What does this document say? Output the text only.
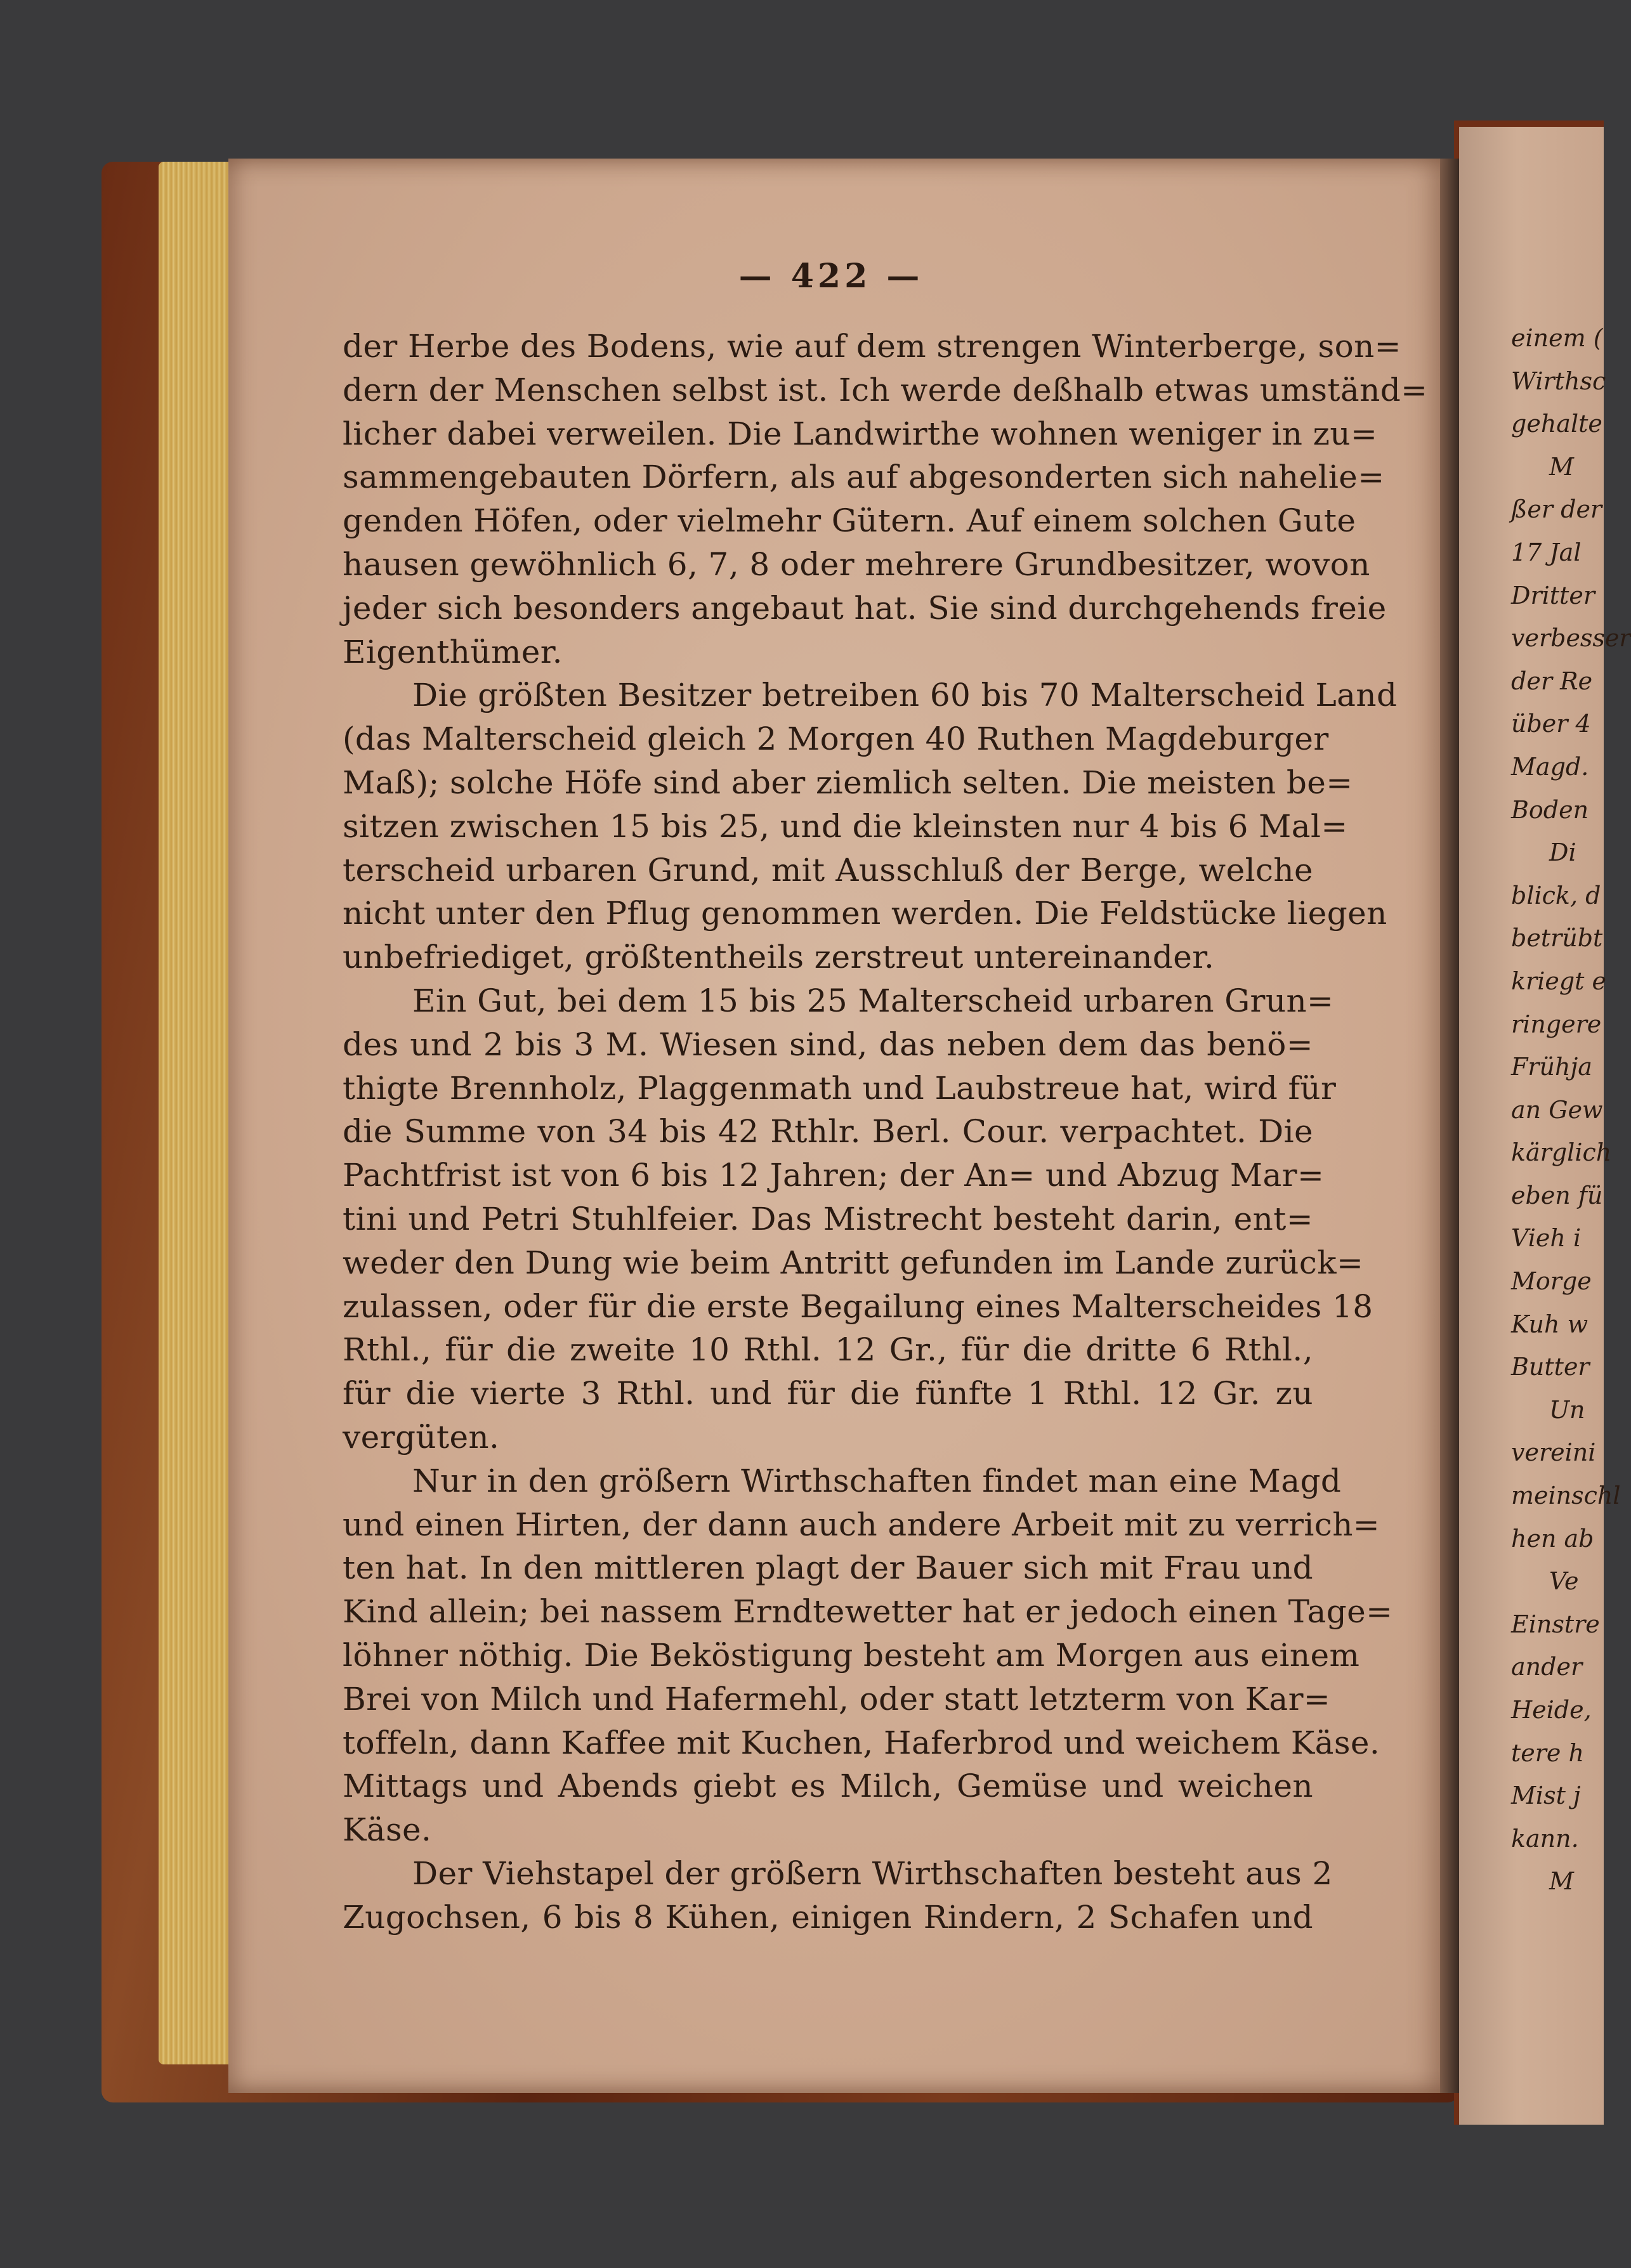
— 422 —
der Herbe des Bodens, wie auf dem strengen Winterberge, son=
dern der Menschen selbst ist. Ich werde deßhalb etwas umständ=
licher dabei verweilen. Die Landwirthe wohnen weniger in zu=
sammengebauten Dörfern, als auf abgesonderten sich nahelie=
genden Höfen, oder vielmehr Gütern. Auf einem solchen Gute
hausen gewöhnlich 6, 7, 8 oder mehrere Grundbesitzer, wovon
jeder sich besonders angebaut hat. Sie sind durchgehends freie
Eigenthümer.
Die größten Besitzer betreiben 60 bis 70 Malterscheid Land
(das Malterscheid gleich 2 Morgen 40 Ruthen Magdeburger
Maß); solche Höfe sind aber ziemlich selten. Die meisten be=
sitzen zwischen 15 bis 25, und die kleinsten nur 4 bis 6 Mal=
terscheid urbaren Grund, mit Ausschluß der Berge, welche
nicht unter den Pflug genommen werden. Die Feldstücke liegen
unbefriediget, größtentheils zerstreut untereinander.
Ein Gut, bei dem 15 bis 25 Malterscheid urbaren Grun=
des und 2 bis 3 M. Wiesen sind, das neben dem das benö=
thigte Brennholz, Plaggenmath und Laubstreue hat, wird für
die Summe von 34 bis 42 Rthlr. Berl. Cour. verpachtet. Die
Pachtfrist ist von 6 bis 12 Jahren; der An= und Abzug Mar=
tini und Petri Stuhlfeier. Das Mistrecht besteht darin, ent=
weder den Dung wie beim Antritt gefunden im Lande zurück=
zulassen, oder für die erste Begailung eines Malterscheides 18
Rthl., für die zweite 10 Rthl. 12 Gr., für die dritte 6 Rthl.,
für die vierte 3 Rthl. und für die fünfte 1 Rthl. 12 Gr. zu
vergüten.
Nur in den größern Wirthschaften findet man eine Magd
und einen Hirten, der dann auch andere Arbeit mit zu verrich=
ten hat. In den mittleren plagt der Bauer sich mit Frau und
Kind allein; bei nassem Erndtewetter hat er jedoch einen Tage=
löhner nöthig. Die Beköstigung besteht am Morgen aus einem
Brei von Milch und Hafermehl, oder statt letzterm von Kar=
toffeln, dann Kaffee mit Kuchen, Haferbrod und weichem Käse.
Mittags und Abends giebt es Milch, Gemüse und weichen
Käse.
Der Viehstapel der größern Wirthschaften besteht aus 2
Zugochsen, 6 bis 8 Kühen, einigen Rindern, 2 Schafen und
einem (
Wirthsc
gehalte
M
ßer der
17 Jal
Dritter
verbesser
der Re
über 4
Magd.
Boden
Di
blick, d
betrübt
kriegt e
ringere
Frühja
an Gew
kärglich
eben fü
Vieh i
Morge
Kuh w
Butter
Un
vereini
meinschl
hen ab
Ve
Einstre
ander
Heide,
tere h
Mist j
kann.
M
